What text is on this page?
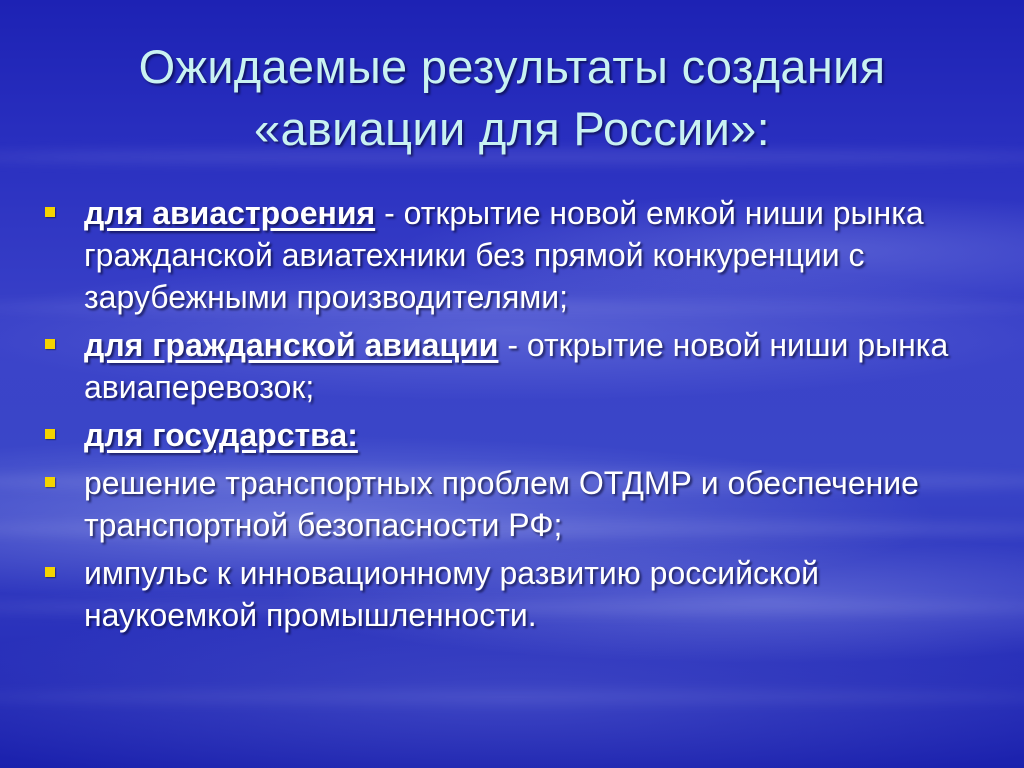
Ожидаемые результаты создания
«авиации для России»:
для авиастроения - открытие новой емкой ниши рынка гражданской авиатехники без прямой конкуренции с зарубежными производителями;
для гражданской авиации - открытие новой ниши рынка авиаперевозок;
для государства:
решение транспортных проблем ОТДМР и обеспечение транспортной безопасности РФ;
импульс к инновационному развитию российской наукоемкой промышленности.
